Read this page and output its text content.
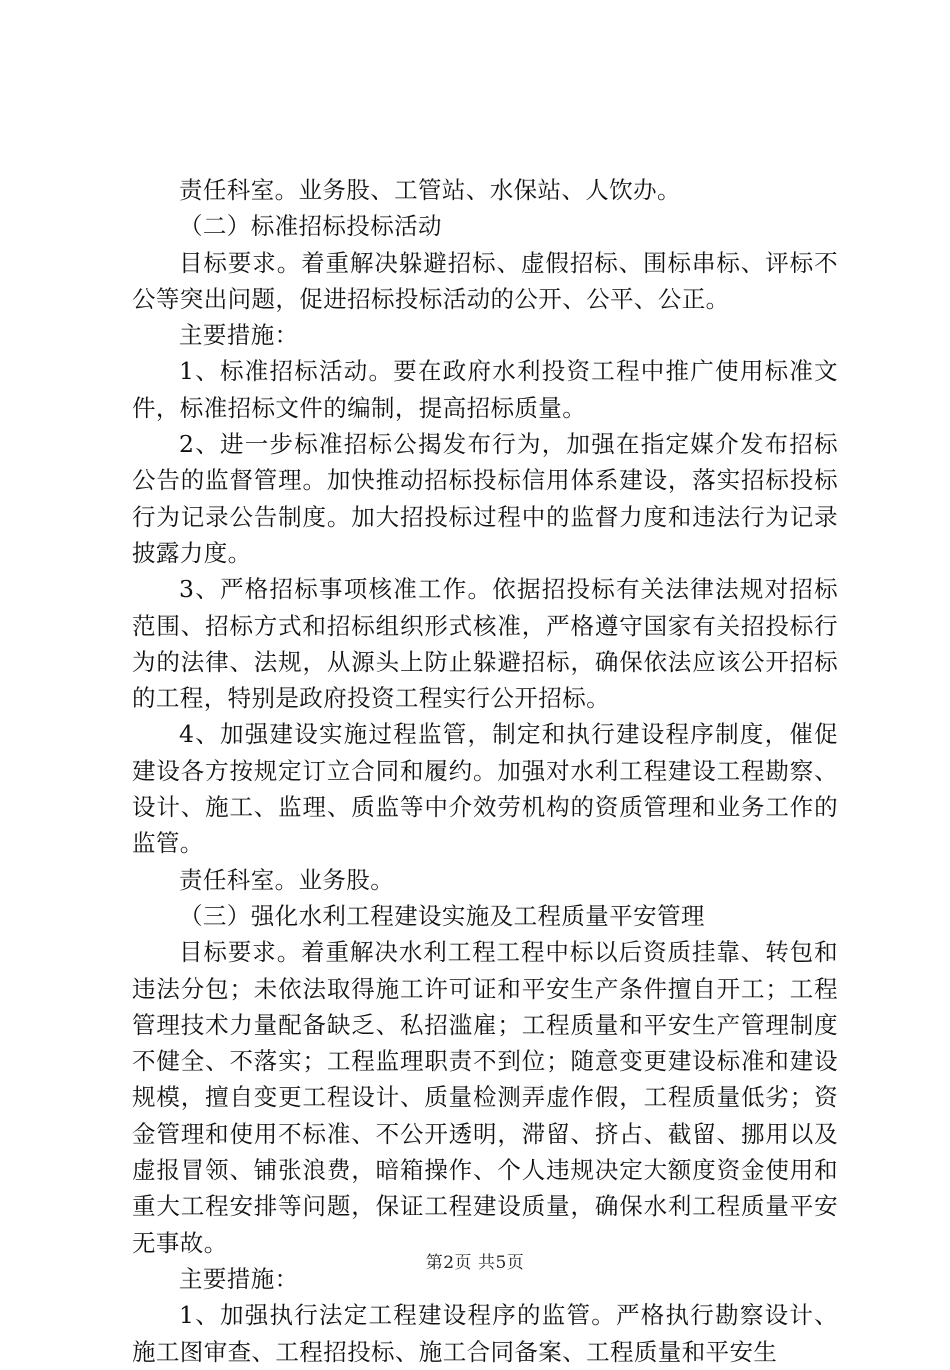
责任科室。业务股、工管站、水保站、人饮办。

（二）标准招标投标活动

目标要求。着重解决躲避招标、虚假招标、围标串标、评标不公等突出问题，促进招标投标活动的公开、公平、公正。

主要措施：

1、标准招标活动。要在政府水利投资工程中推广使用标准文件，标准招标文件的编制，提高招标质量。

2、进一步标准招标公揭发布行为，加强在指定媒介发布招标公告的监督管理。加快推动招标投标信用体系建设，落实招标投标行为记录公告制度。加大招投标过程中的监督力度和违法行为记录披露力度。

3、严格招标事项核准工作。依据招投标有关法律法规对招标范围、招标方式和招标组织形式核准，严格遵守国家有关招投标行为的法律、法规，从源头上防止躲避招标，确保依法应该公开招标的工程，特别是政府投资工程实行公开招标。

4、加强建设实施过程监管，制定和执行建设程序制度，催促建设各方按规定订立合同和履约。加强对水利工程建设工程勘察、设计、施工、监理、质监等中介效劳机构的资质管理和业务工作的监管。

责任科室。业务股。

（三）强化水利工程建设实施及工程质量平安管理

目标要求。着重解决水利工程工程中标以后资质挂靠、转包和违法分包；未依法取得施工许可证和平安生产条件擅自开工；工程管理技术力量配备缺乏、私招滥雇；工程质量和平安生产管理制度不健全、不落实；工程监理职责不到位；随意变更建设标准和建设规模，擅自变更工程设计、质量检测弄虚作假，工程质量低劣；资金管理和使用不标准、不公开透明，滞留、挤占、截留、挪用以及虚报冒领、铺张浪费，暗箱操作、个人违规决定大额度资金使用和重大工程安排等问题，保证工程建设质量，确保水利工程质量平安无事故。

主要措施：

1、加强执行法定工程建设程序的监管。严格执行勘察设计、施工图审查、工程招投标、施工合同备案、工程质量和平安生

第2页 共5页
